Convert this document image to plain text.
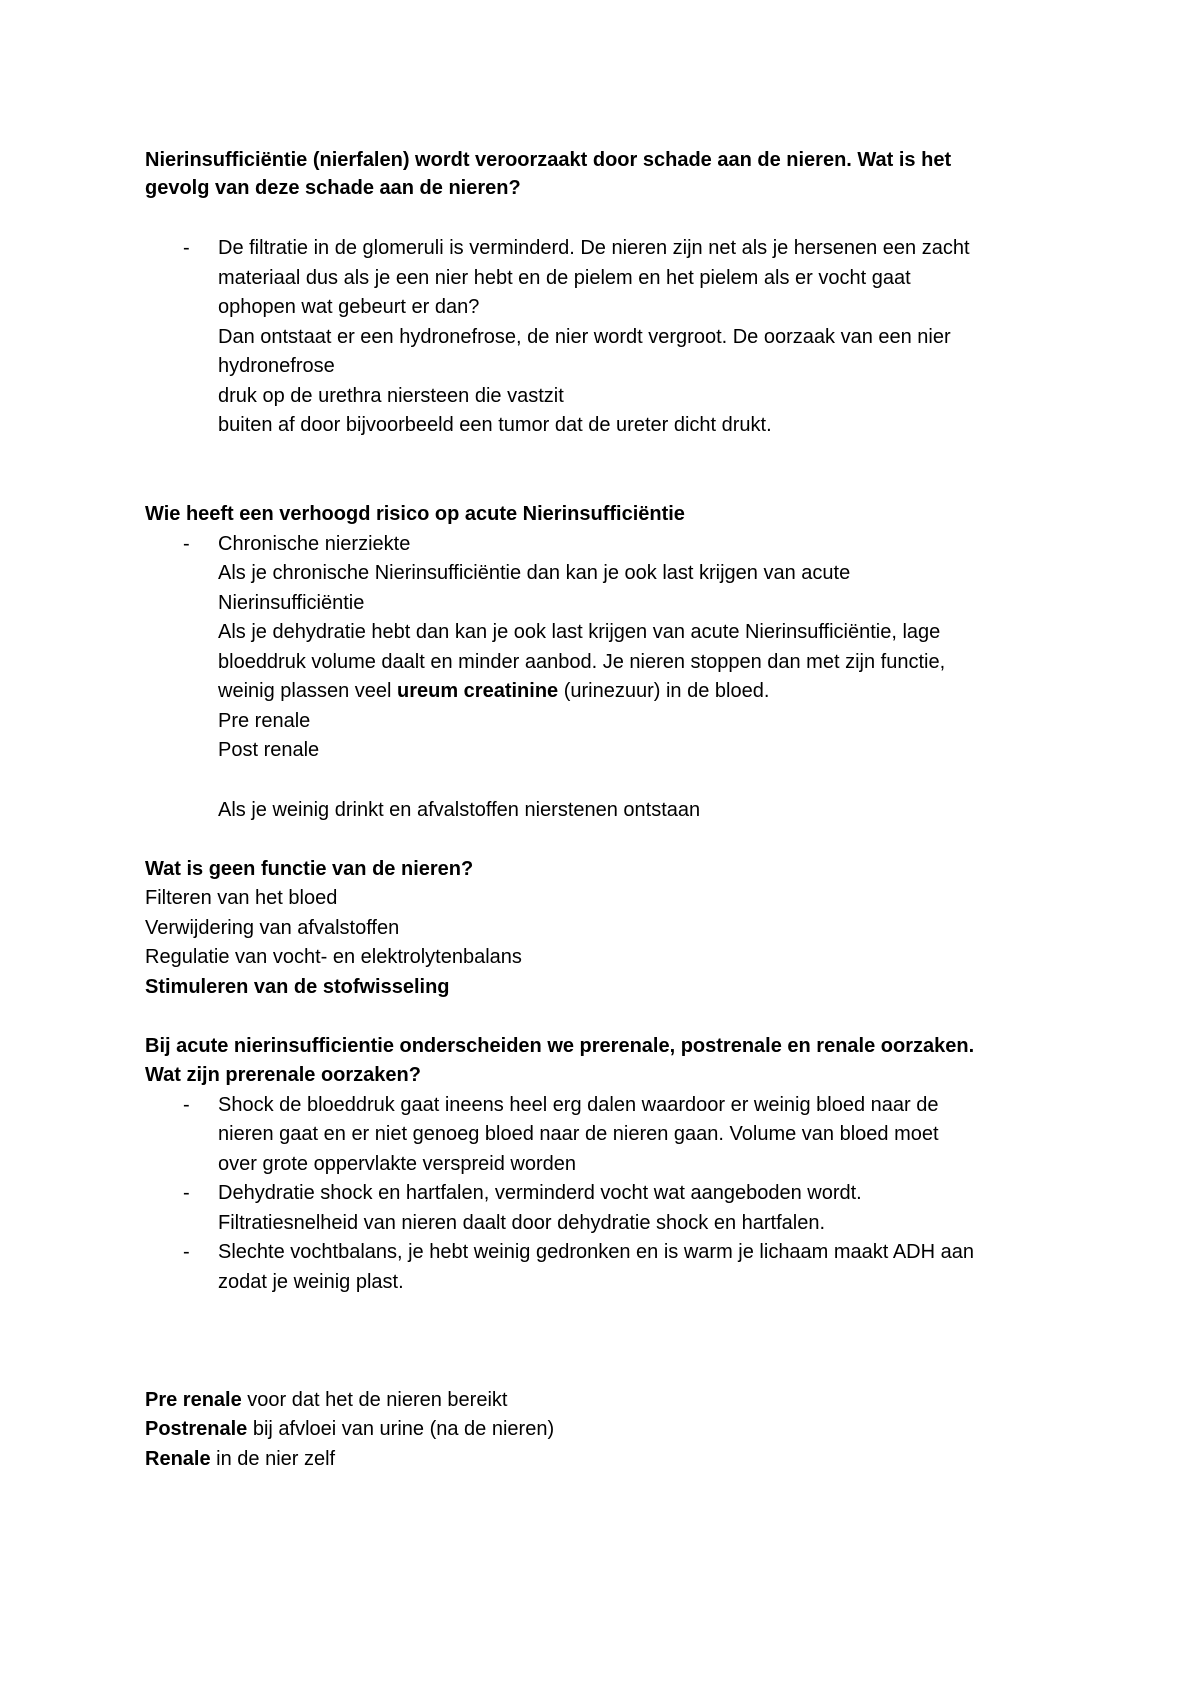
Nierinsufficiëntie (nierfalen) wordt veroorzaakt door schade aan de nieren. Wat is het
gevolg van deze schade aan de nieren?
- De filtratie in de glomeruli is verminderd. De nieren zijn net als je hersenen een zacht
materiaal dus als je een nier hebt en de pielem en het pielem als er vocht gaat
ophopen wat gebeurt er dan?
Dan ontstaat er een hydronefrose, de nier wordt vergroot. De oorzaak van een nier
hydronefrose
druk op de urethra niersteen die vastzit
buiten af door bijvoorbeeld een tumor dat de ureter dicht drukt.
Wie heeft een verhoogd risico op acute Nierinsufficiëntie
- Chronische nierziekte
Als je chronische Nierinsufficiëntie dan kan je ook last krijgen van acute
Nierinsufficiëntie
Als je dehydratie hebt dan kan je ook last krijgen van acute Nierinsufficiëntie, lage
bloeddruk volume daalt en minder aanbod. Je nieren stoppen dan met zijn functie,
weinig plassen veel ureum creatinine (urinezuur) in de bloed.
Pre renale
Post renale
Als je weinig drinkt en afvalstoffen nierstenen ontstaan
Wat is geen functie van de nieren?
Filteren van het bloed
Verwijdering van afvalstoffen
Regulatie van vocht- en elektrolytenbalans
Stimuleren van de stofwisseling
Bij acute nierinsufficientie onderscheiden we prerenale, postrenale en renale oorzaken.
Wat zijn prerenale oorzaken?
- Shock de bloeddruk gaat ineens heel erg dalen waardoor er weinig bloed naar de
nieren gaat en er niet genoeg bloed naar de nieren gaan. Volume van bloed moet
over grote oppervlakte verspreid worden
- Dehydratie shock en hartfalen, verminderd vocht wat aangeboden wordt.
Filtratiesnelheid van nieren daalt door dehydratie shock en hartfalen.
- Slechte vochtbalans, je hebt weinig gedronken en is warm je lichaam maakt ADH aan
zodat je weinig plast.
Pre renale voor dat het de nieren bereikt
Postrenale bij afvloei van urine (na de nieren)
Renale in de nier zelf
